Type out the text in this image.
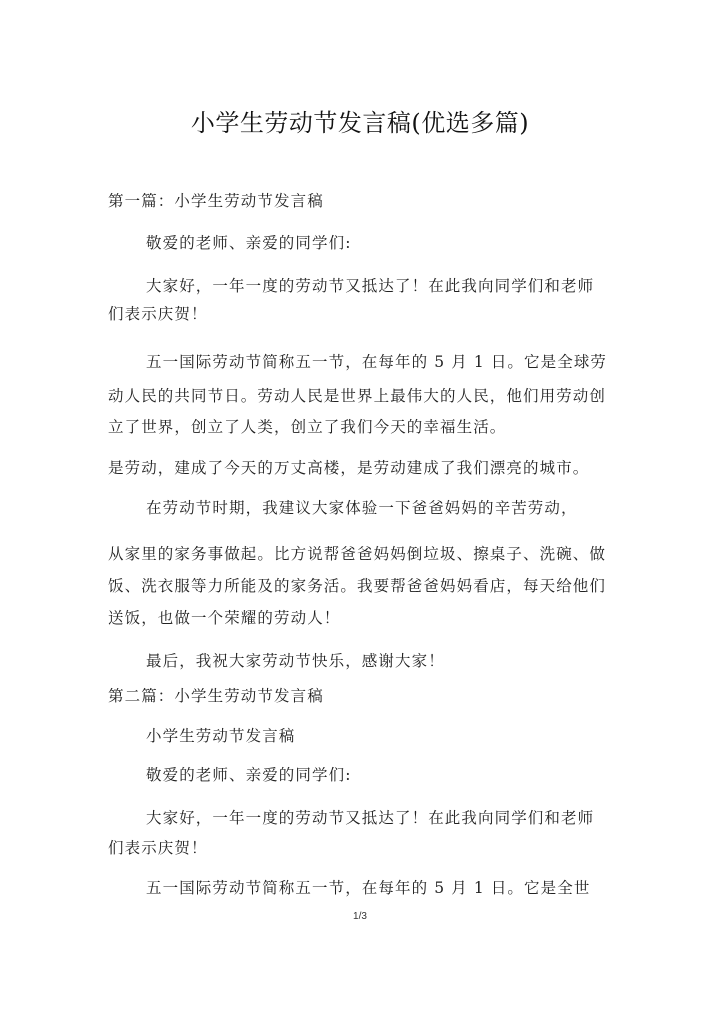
小学生劳动节发言稿(优选多篇)
第一篇：小学生劳动节发言稿
敬爱的老师、亲爱的同学们:
大家好，一年一度的劳动节又抵达了！在此我向同学们和老师
们表示庆贺！
五一国际劳动节简称五一节，在每年的 5 月 1 日。它是全球劳
动人民的共同节日。劳动人民是世界上最伟大的人民，他们用劳动创
立了世界，创立了人类，创立了我们今天的幸福生活。
是劳动，建成了今天的万丈高楼，是劳动建成了我们漂亮的城市。
在劳动节时期，我建议大家体验一下爸爸妈妈的辛苦劳动，
从家里的家务事做起。比方说帮爸爸妈妈倒垃圾、擦桌子、洗碗、做
饭、洗衣服等力所能及的家务活。我要帮爸爸妈妈看店，每天给他们
送饭，也做一个荣耀的劳动人！
最后，我祝大家劳动节快乐，感谢大家！
第二篇：小学生劳动节发言稿
小学生劳动节发言稿
敬爱的老师、亲爱的同学们:
大家好，一年一度的劳动节又抵达了！在此我向同学们和老师
们表示庆贺！
五一国际劳动节简称五一节，在每年的 5 月 1 日。它是全世
1/3
